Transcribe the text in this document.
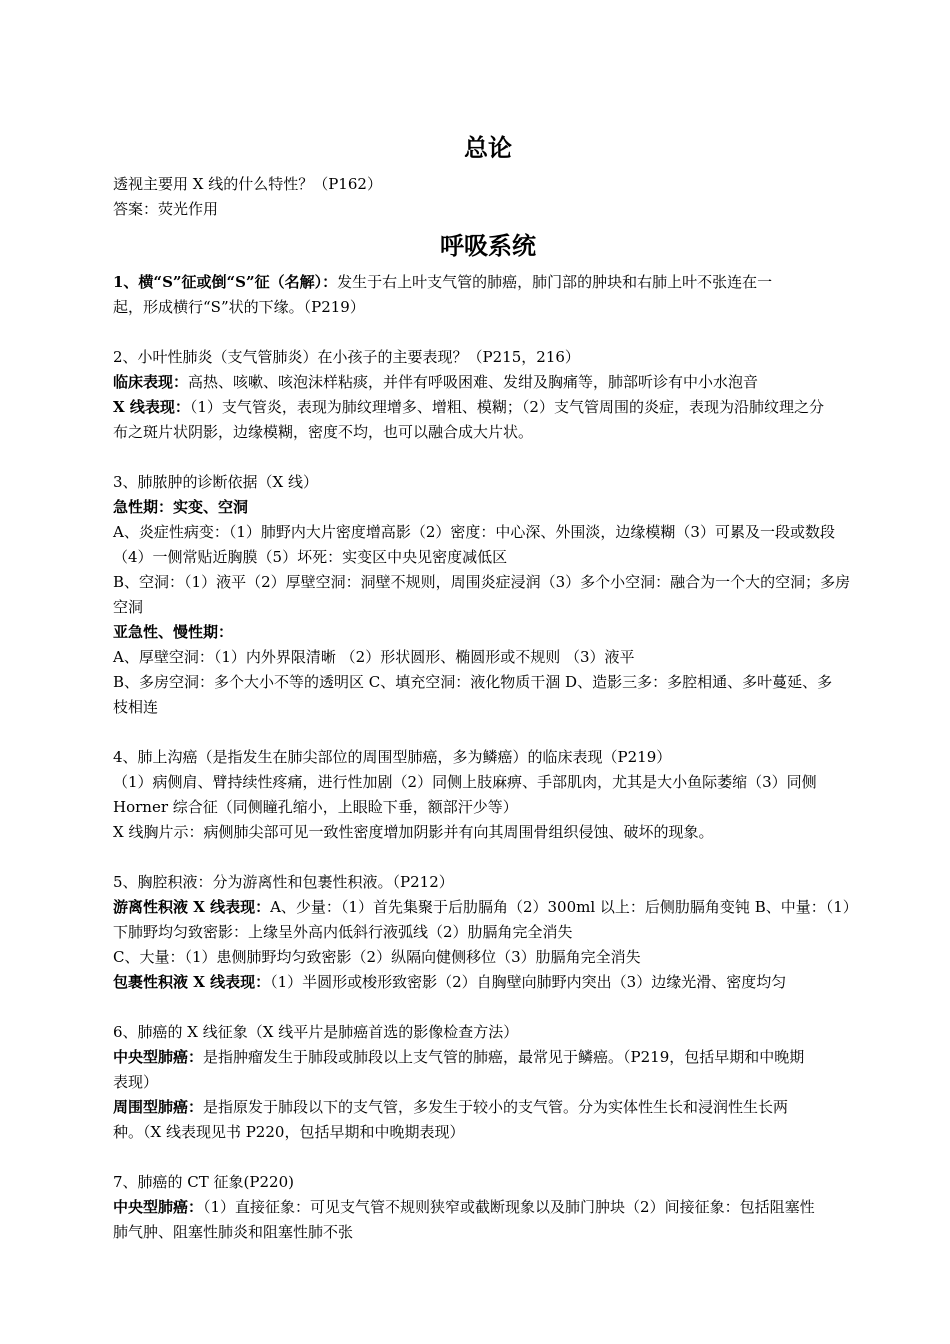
总论
透视主要用 X 线的什么特性？（P162）
答案：荧光作用
呼吸系统
1、横“S”征或倒“S”征（名解）：发生于右上叶支气管的肺癌，肺门部的肿块和右肺上叶不张连在一
起，形成横行“S”状的下缘。（P219）
2、小叶性肺炎（支气管肺炎）在小孩子的主要表现？（P215，216）
临床表现：高热、咳嗽、咳泡沫样粘痰，并伴有呼吸困难、发绀及胸痛等，肺部听诊有中小水泡音
X 线表现：（1）支气管炎，表现为肺纹理增多、增粗、模糊；（2）支气管周围的炎症，表现为沿肺纹理之分
布之斑片状阴影，边缘模糊，密度不均，也可以融合成大片状。
3、肺脓肿的诊断依据（X 线）
急性期：实变、空洞
A、炎症性病变：（1）肺野内大片密度增高影（2）密度：中心深、外围淡，边缘模糊（3）可累及一段或数段
（4）一侧常贴近胸膜（5）坏死：实变区中央见密度减低区
B、空洞：（1）液平（2）厚壁空洞：洞壁不规则，周围炎症浸润（3）多个小空洞：融合为一个大的空洞；多房
空洞
亚急性、慢性期：
A、厚壁空洞：（1）内外界限清晰 （2）形状圆形、椭圆形或不规则 （3）液平
B、多房空洞：多个大小不等的透明区 C、填充空洞：液化物质干涸 D、造影三多：多腔相通、多叶蔓延、多
枝相连
4、肺上沟癌（是指发生在肺尖部位的周围型肺癌，多为鳞癌）的临床表现（P219）
（1）病侧肩、臂持续性疼痛，进行性加剧（2）同侧上肢麻痹、手部肌肉，尤其是大小鱼际萎缩（3）同侧
Horner 综合征（同侧瞳孔缩小，上眼睑下垂，额部汗少等）
X 线胸片示：病侧肺尖部可见一致性密度增加阴影并有向其周围骨组织侵蚀、破坏的现象。
5、胸腔积液：分为游离性和包裹性积液。（P212）
游离性积液 X 线表现：A、少量：（1）首先集聚于后肋膈角（2）300ml 以上：后侧肋膈角变钝 B、中量：（1）
下肺野均匀致密影：上缘呈外高内低斜行液弧线（2）肋膈角完全消失
C、大量：（1）患侧肺野均匀致密影（2）纵隔向健侧移位（3）肋膈角完全消失
包裹性积液 X 线表现：（1）半圆形或梭形致密影（2）自胸壁向肺野内突出（3）边缘光滑、密度均匀
6、肺癌的 X 线征象（X 线平片是肺癌首选的影像检查方法）
中央型肺癌：是指肿瘤发生于肺段或肺段以上支气管的肺癌，最常见于鳞癌。（P219，包括早期和中晚期
表现）
周围型肺癌：是指原发于肺段以下的支气管，多发生于较小的支气管。分为实体性生长和浸润性生长两
种。（X 线表现见书 P220，包括早期和中晚期表现）
7、肺癌的 CT 征象(P220)
中央型肺癌：（1）直接征象：可见支气管不规则狭窄或截断现象以及肺门肿块（2）间接征象：包括阻塞性
肺气肿、阻塞性肺炎和阻塞性肺不张
